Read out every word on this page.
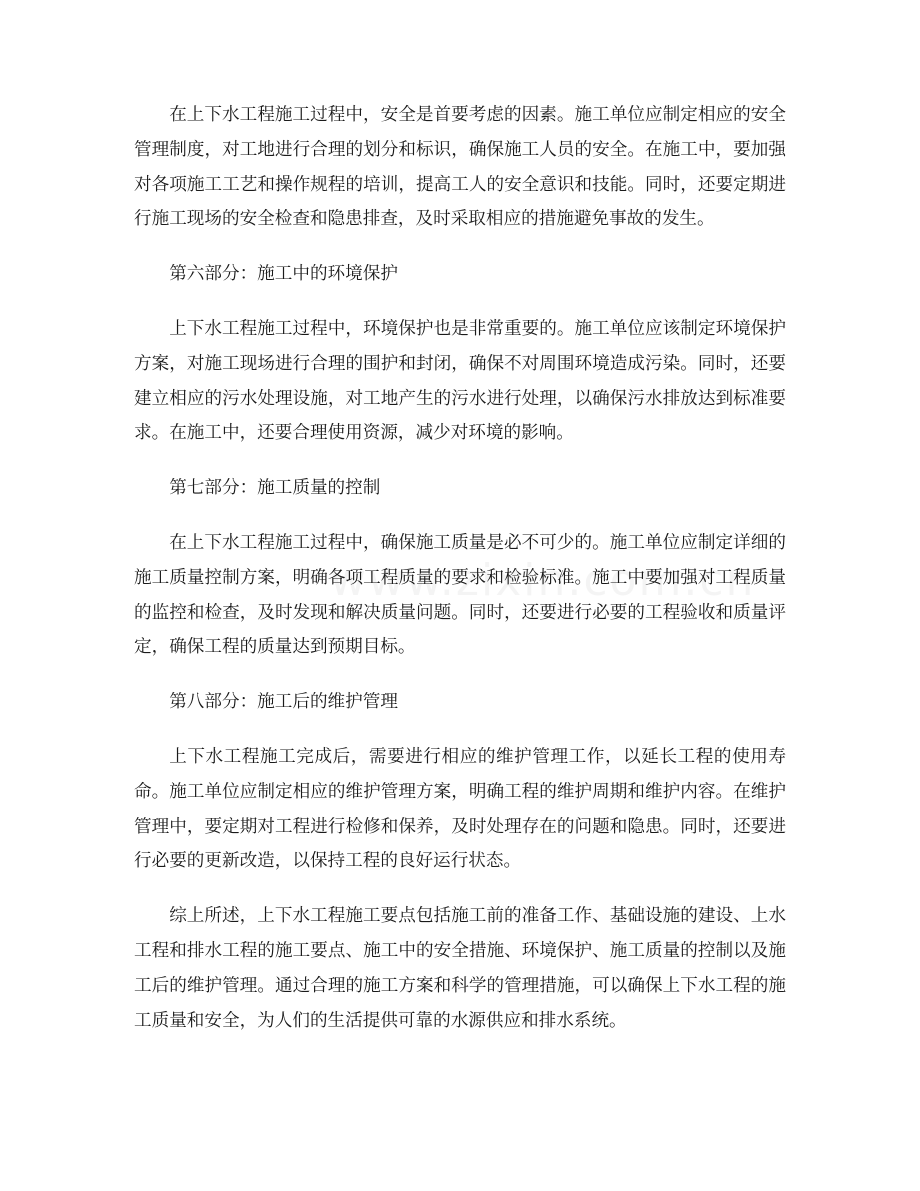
在上下水工程施工过程中，安全是首要考虑的因素。施工单位应制定相应的安全管理制度，对工地进行合理的划分和标识，确保施工人员的安全。在施工中，要加强对各项施工工艺和操作规程的培训，提高工人的安全意识和技能。同时，还要定期进行施工现场的安全检查和隐患排查，及时采取相应的措施避免事故的发生。

第六部分：施工中的环境保护

上下水工程施工过程中，环境保护也是非常重要的。施工单位应该制定环境保护方案，对施工现场进行合理的围护和封闭，确保不对周围环境造成污染。同时，还要建立相应的污水处理设施，对工地产生的污水进行处理，以确保污水排放达到标准要求。在施工中，还要合理使用资源，减少对环境的影响。

第七部分：施工质量的控制

在上下水工程施工过程中，确保施工质量是必不可少的。施工单位应制定详细的施工质量控制方案，明确各项工程质量的要求和检验标准。施工中要加强对工程质量的监控和检查，及时发现和解决质量问题。同时，还要进行必要的工程验收和质量评定，确保工程的质量达到预期目标。

第八部分：施工后的维护管理

上下水工程施工完成后，需要进行相应的维护管理工作，以延长工程的使用寿命。施工单位应制定相应的维护管理方案，明确工程的维护周期和维护内容。在维护管理中，要定期对工程进行检修和保养，及时处理存在的问题和隐患。同时，还要进行必要的更新改造，以保持工程的良好运行状态。

综上所述，上下水工程施工要点包括施工前的准备工作、基础设施的建设、上水工程和排水工程的施工要点、施工中的安全措施、环境保护、施工质量的控制以及施工后的维护管理。通过合理的施工方案和科学的管理措施，可以确保上下水工程的施工质量和安全，为人们的生活提供可靠的水源供应和排水系统。
